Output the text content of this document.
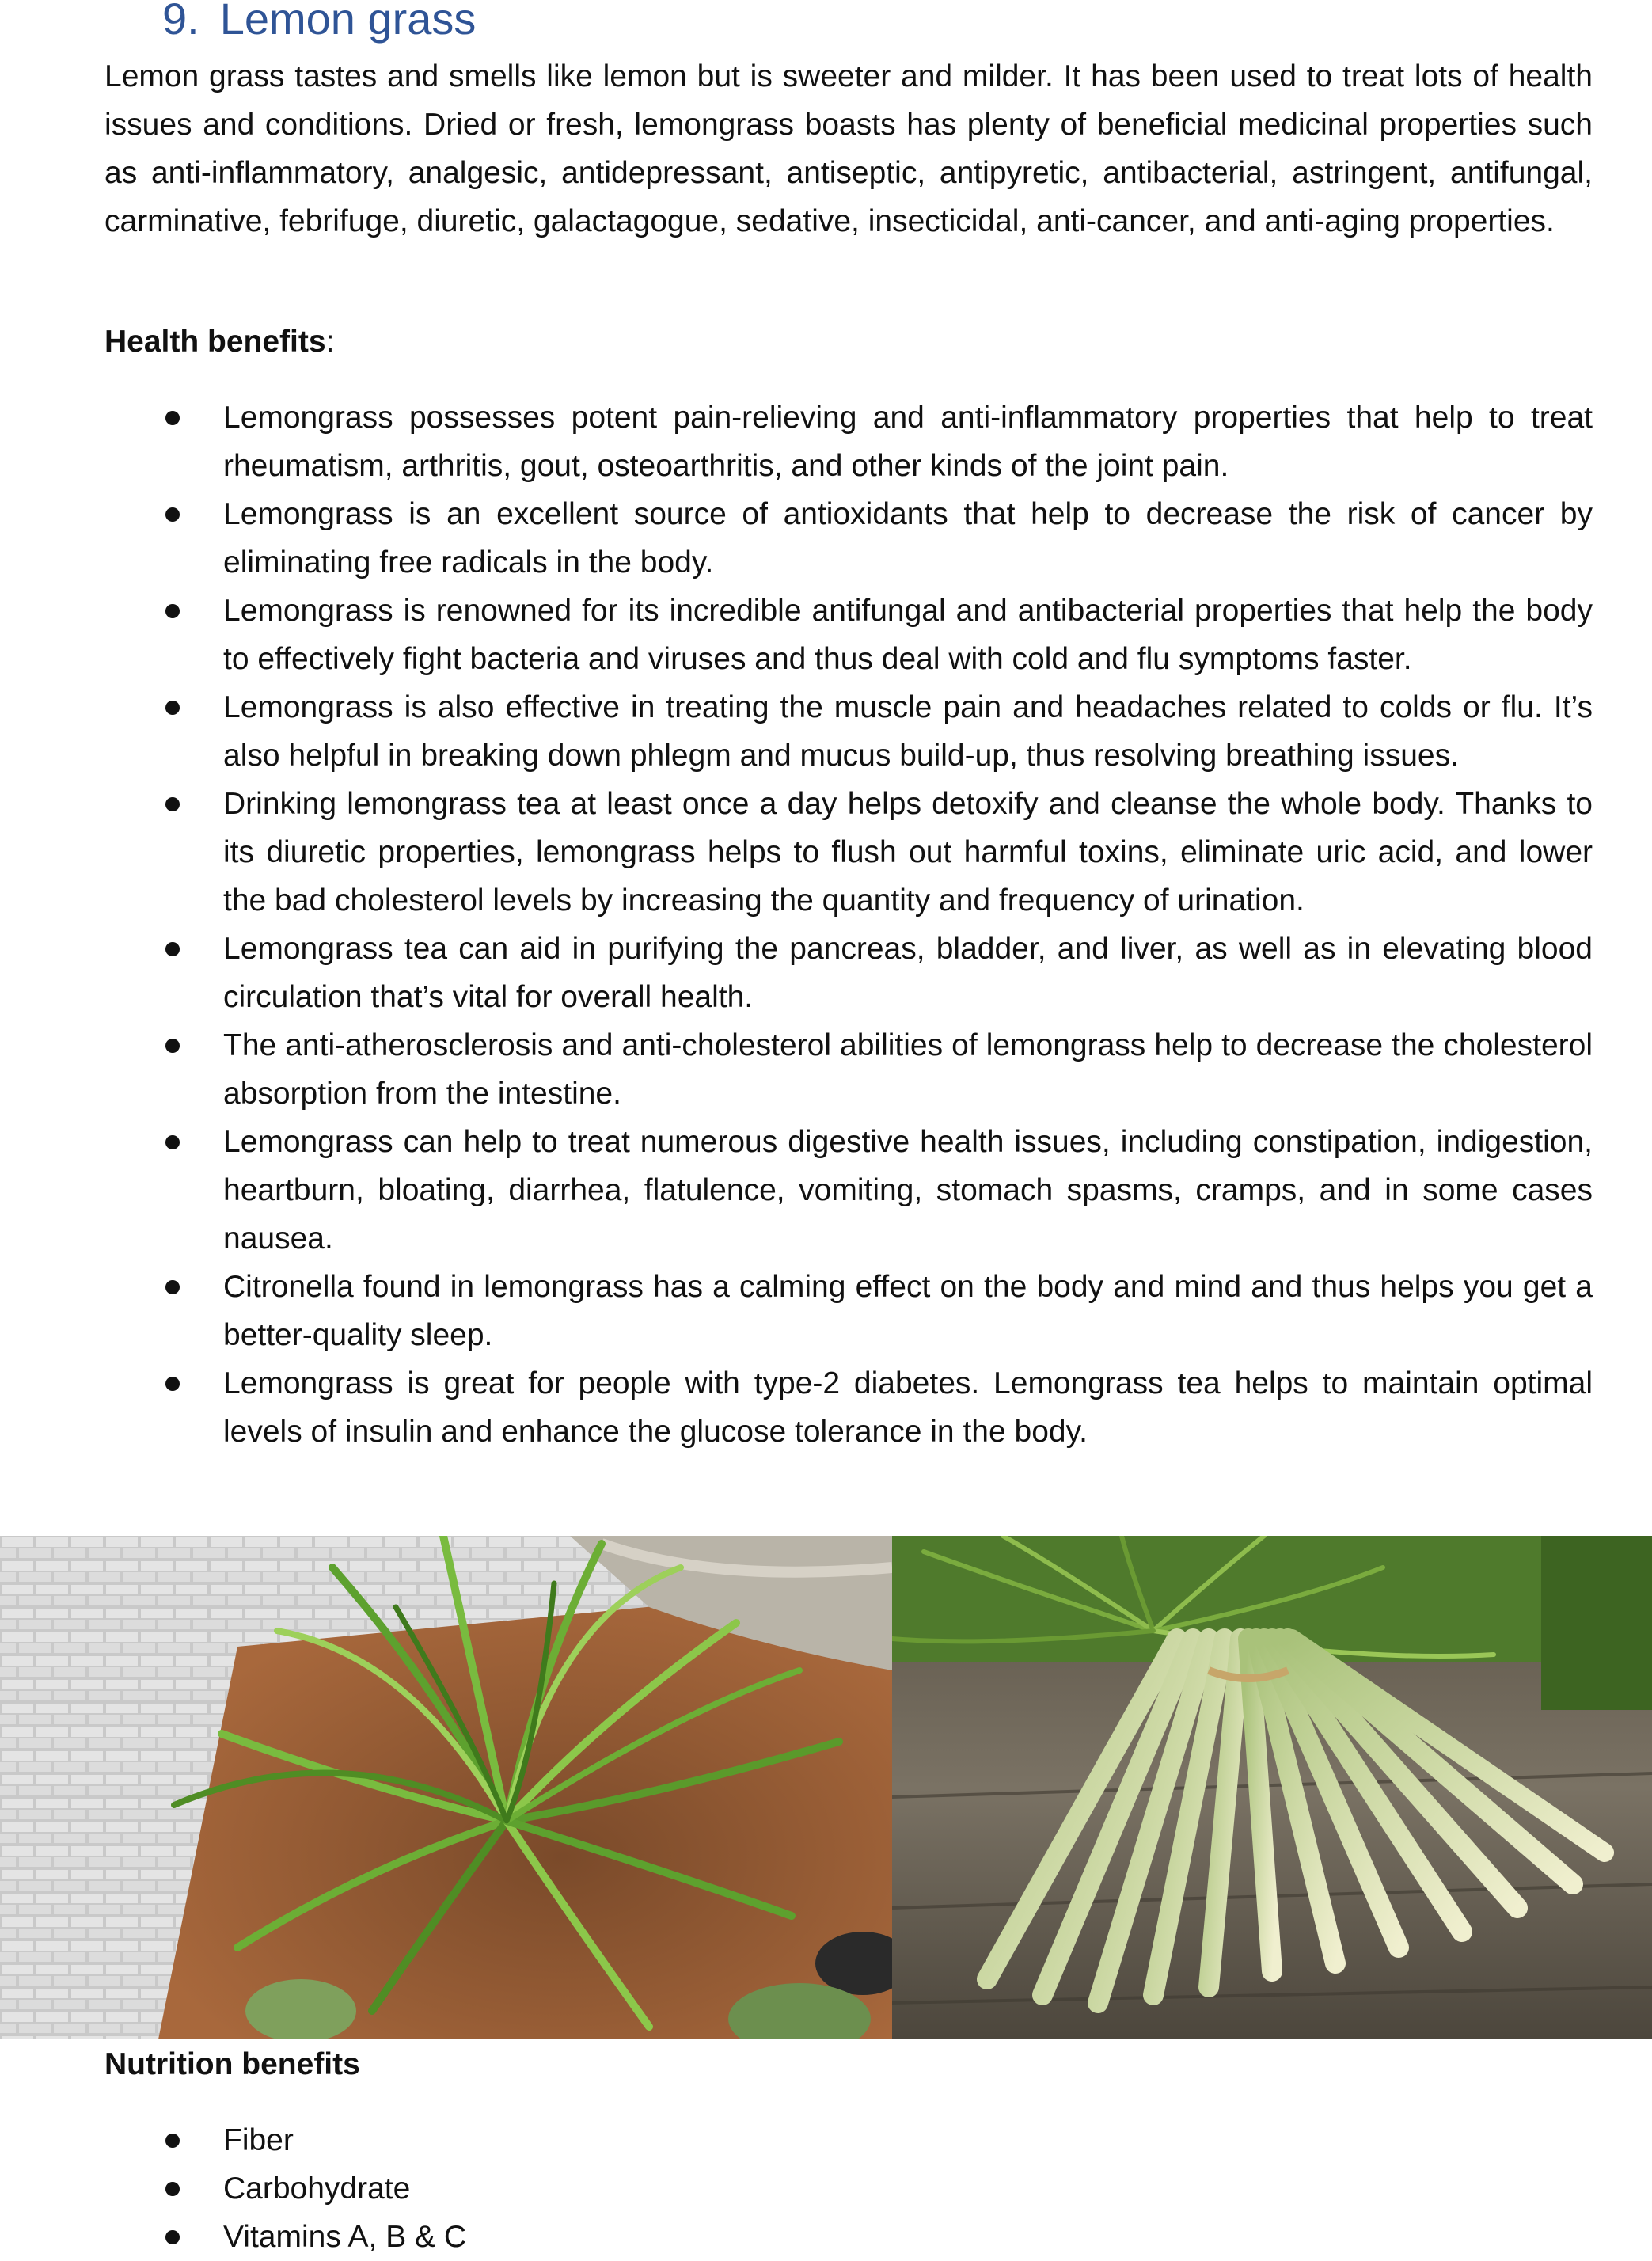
9. Lemon grass

Lemon grass tastes and smells like lemon but is sweeter and milder. It has been used to treat lots of health issues and conditions. Dried or fresh, lemongrass boasts has plenty of beneficial medicinal properties such as anti-inflammatory, analgesic, antidepressant, antiseptic, antipyretic, antibacterial, astringent, antifungal, carminative, febrifuge, diuretic, galactagogue, sedative, insecticidal, anti-cancer, and anti-aging properties.

Health benefits:
Lemongrass possesses potent pain-relieving and anti-inflammatory properties that help to treat rheumatism, arthritis, gout, osteoarthritis, and other kinds of the joint pain.
Lemongrass is an excellent source of antioxidants that help to decrease the risk of cancer by eliminating free radicals in the body.
Lemongrass is renowned for its incredible antifungal and antibacterial properties that help the body to effectively fight bacteria and viruses and thus deal with cold and flu symptoms faster.
Lemongrass is also effective in treating the muscle pain and headaches related to colds or flu. It’s also helpful in breaking down phlegm and mucus build-up, thus resolving breathing issues.
Drinking lemongrass tea at least once a day helps detoxify and cleanse the whole body. Thanks to its diuretic properties, lemongrass helps to flush out harmful toxins, eliminate uric acid, and lower the bad cholesterol levels by increasing the quantity and frequency of urination.
Lemongrass tea can aid in purifying the pancreas, bladder, and liver, as well as in elevating blood circulation that’s vital for overall health.
The anti-atherosclerosis and anti-cholesterol abilities of lemongrass help to decrease the cholesterol absorption from the intestine.
Lemongrass can help to treat numerous digestive health issues, including constipation, indigestion, heartburn, bloating, diarrhea, flatulence, vomiting, stomach spasms, cramps, and in some cases nausea.
Citronella found in lemongrass has a calming effect on the body and mind and thus helps you get a better-quality sleep.
Lemongrass is great for people with type-2 diabetes. Lemongrass tea helps to maintain optimal levels of insulin and enhance the glucose tolerance in the body.
Nutrition benefits
Fiber
Carbohydrate
Vitamins A, B & C
